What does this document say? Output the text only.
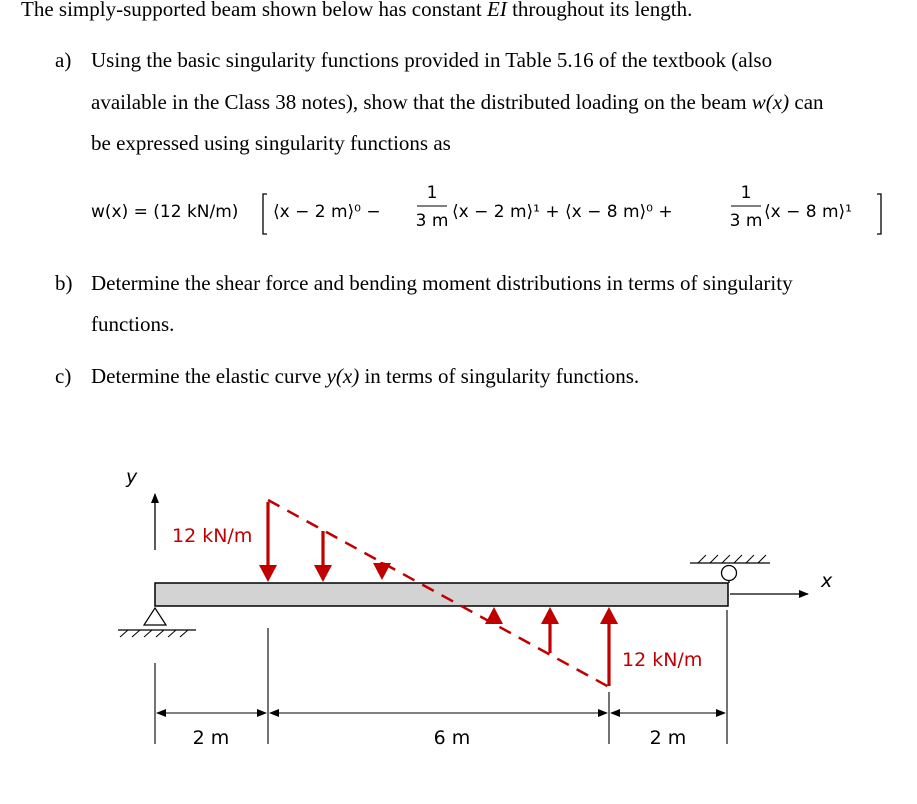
The simply-supported beam shown below has constant EI throughout its length.
a) Using the basic singularity functions provided in Table 5.16 of the textbook (also
available in the Class 38 notes), show that the distributed loading on the beam w(x) can
be expressed using singularity functions as
w(x) = (12 kN/m) ⟨x − 2 m⟩⁰ −
1
3 m ⟨x − 2 m⟩¹ + ⟨x − 8 m⟩⁰ +
1
3 m ⟨x − 8 m⟩¹
b) Determine the shear force and bending moment distributions in terms of singularity
functions.
c) Determine the elastic curve y(x) in terms of singularity functions.
y
x
12 kN/m
12 kN/m
2 m	6 m	2 m
